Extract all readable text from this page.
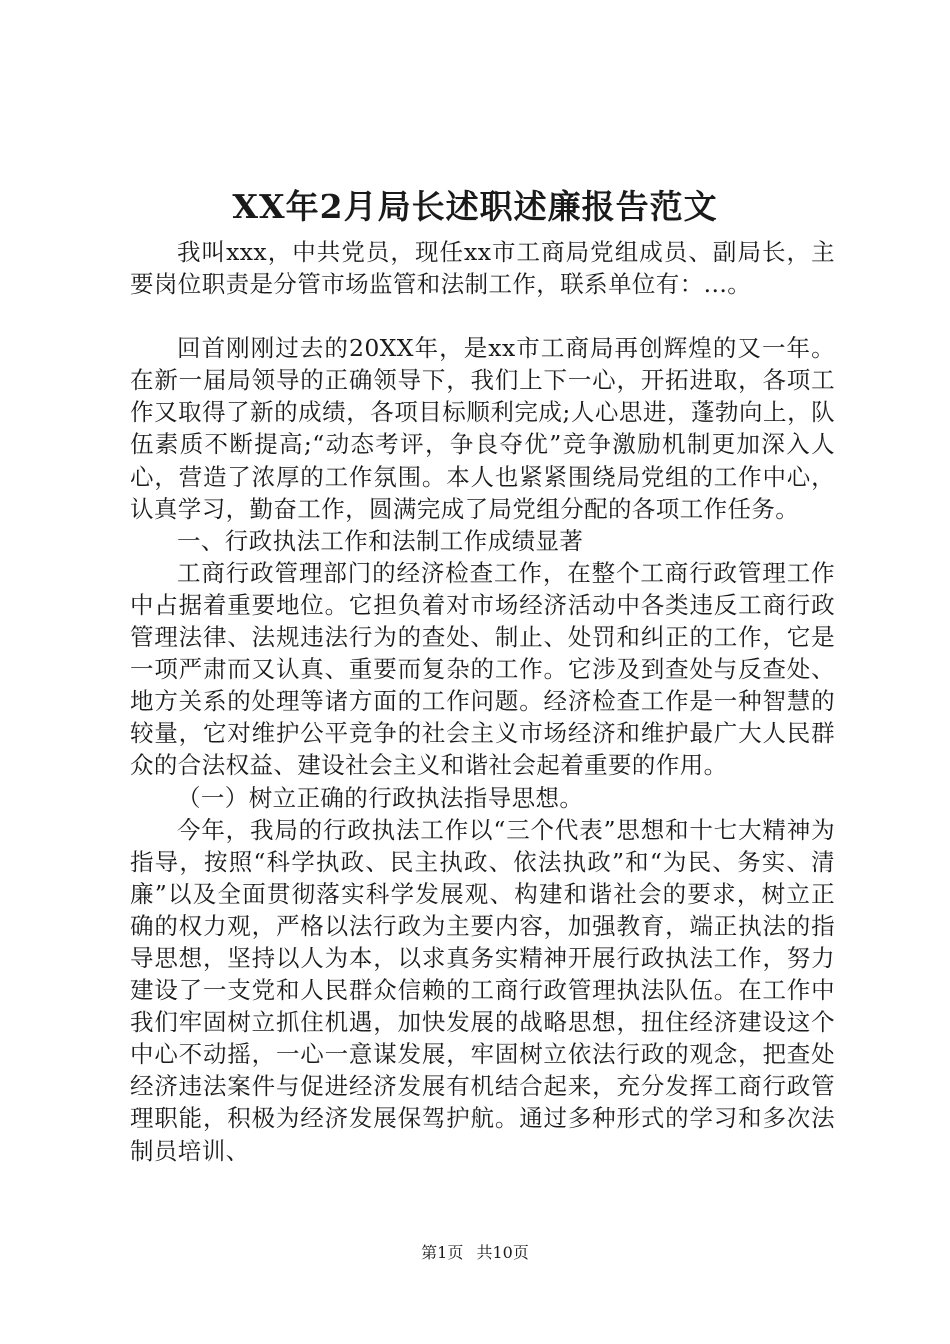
XX年2月局长述职述廉报告范文

我叫xxx，中共党员，现任xx市工商局党组成员、副局长，主要岗位职责是分管市场监管和法制工作，联系单位有：...。

回首刚刚过去的20XX年，是xx市工商局再创辉煌的又一年。在新一届局领导的正确领导下，我们上下一心，开拓进取，各项工作又取得了新的成绩，各项目标顺利完成;人心思进，蓬勃向上，队伍素质不断提高;“动态考评，争良夺优”竞争激励机制更加深入人心，营造了浓厚的工作氛围。本人也紧紧围绕局党组的工作中心，认真学习，勤奋工作，圆满完成了局党组分配的各项工作任务。

一、行政执法工作和法制工作成绩显著

工商行政管理部门的经济检查工作，在整个工商行政管理工作中占据着重要地位。它担负着对市场经济活动中各类违反工商行政管理法律、法规违法行为的查处、制止、处罚和纠正的工作，它是一项严肃而又认真、重要而复杂的工作。它涉及到查处与反查处、地方关系的处理等诸方面的工作问题。经济检查工作是一种智慧的较量，它对维护公平竞争的社会主义市场经济和维护最广大人民群众的合法权益、建设社会主义和谐社会起着重要的作用。

（一）树立正确的行政执法指导思想。

今年，我局的行政执法工作以“三个代表”思想和十七大精神为指导，按照“科学执政、民主执政、依法执政”和“为民、务实、清廉”以及全面贯彻落实科学发展观、构建和谐社会的要求，树立正确的权力观，严格以法行政为主要内容，加强教育，端正执法的指导思想，坚持以人为本，以求真务实精神开展行政执法工作，努力建设了一支党和人民群众信赖的工商行政管理执法队伍。在工作中我们牢固树立抓住机遇，加快发展的战略思想，扭住经济建设这个中心不动摇，一心一意谋发展，牢固树立依法行政的观念，把查处经济违法案件与促进经济发展有机结合起来，充分发挥工商行政管理职能，积极为经济发展保驾护航。通过多种形式的学习和多次法制员培训、

第1页 共10页
